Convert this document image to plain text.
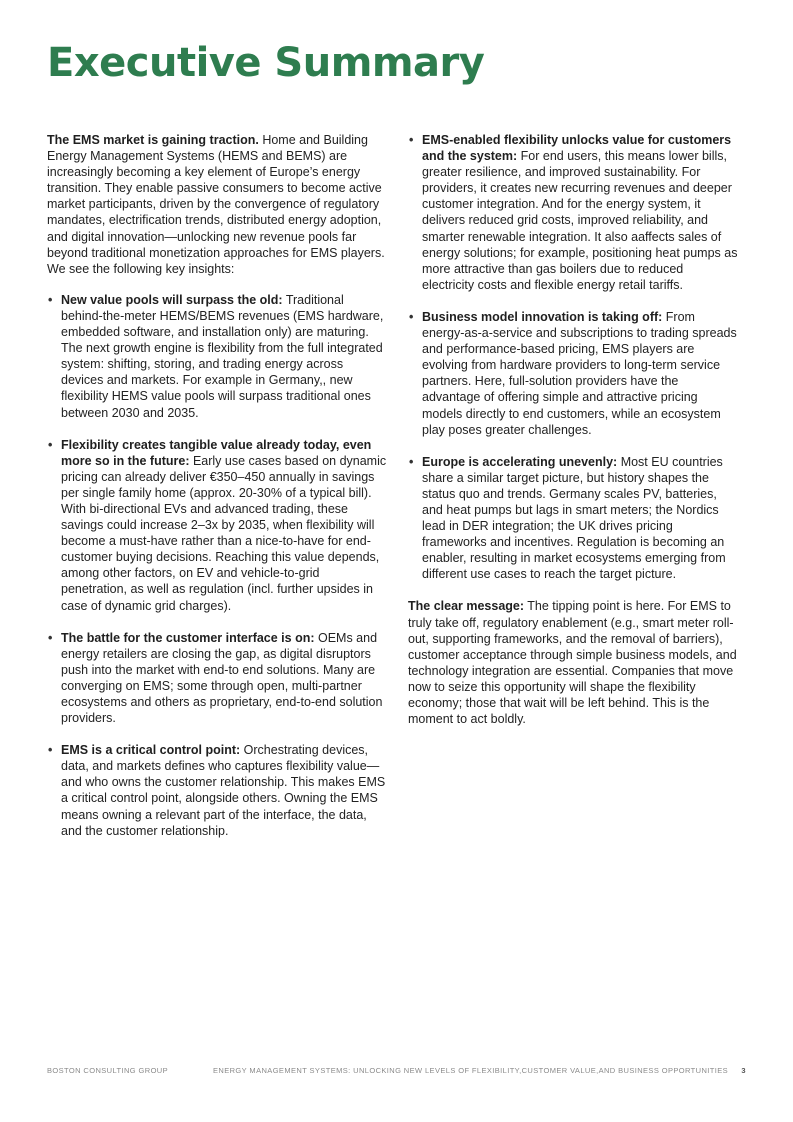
Executive Summary

The EMS market is gaining traction. Home and Building Energy Management Systems (HEMS and BEMS) are increasingly becoming a key element of Europe’s energy transition. They enable passive consumers to become active market participants, driven by the convergence of regulatory mandates, electrification trends, distributed energy adoption, and digital innovation—unlocking new revenue pools far beyond traditional monetization approaches for EMS players. We see the following key insights:

• New value pools will surpass the old: Traditional behind-the-meter HEMS/BEMS revenues (EMS hardware, embedded software, and installation only) are maturing. The next growth engine is flexibility from the full integrated system: shifting, storing, and trading energy across devices and markets. For example in Germany,, new flexibility HEMS value pools will surpass traditional ones between 2030 and 2035.
• Flexibility creates tangible value already today, even more so in the future: Early use cases based on dynamic pricing can already deliver €350–450 annually in savings per single family home (approx. 20-30% of a typical bill). With bi-directional EVs and advanced trading, these savings could increase 2–3x by 2035, when flexibility will become a must-have rather than a nice-to-have for end-customer buying decisions. Reaching this value depends, among other factors, on EV and vehicle-to-grid penetration, as well as regulation (incl. further upsides in case of dynamic grid charges).
• The battle for the customer interface is on: OEMs and energy retailers are closing the gap, as digital disruptors push into the market with end-to end solutions. Many are converging on EMS; some through open, multi-partner ecosystems and others as proprietary, end-to-end solution providers.
• EMS is a critical control point: Orchestrating devices, data, and markets defines who captures flexibility value—and who owns the customer relationship. This makes EMS a critical control point, alongside others. Owning the EMS means owning a relevant part of the interface, the data, and the customer relationship.
• EMS-enabled flexibility unlocks value for customers and the system: For end users, this means lower bills, greater resilience, and improved sustainability. For providers, it creates new recurring revenues and deeper customer integration. And for the energy system, it delivers reduced grid costs, improved reliability, and smarter renewable integration. It also aaffects sales of energy solutions; for example, positioning heat pumps as more attractive than gas boilers due to reduced electricity costs and flexible energy retail tariffs.
• Business model innovation is taking off: From energy-as-a-service and subscriptions to trading spreads and performance-based pricing, EMS players are evolving from hardware providers to long-term service partners. Here, full-solution providers have the advantage of offering simple and attractive pricing models directly to end customers, while an ecosystem play poses greater challenges.
• Europe is accelerating unevenly: Most EU countries share a similar target picture, but history shapes the status quo and trends. Germany scales PV, batteries, and heat pumps but lags in smart meters; the Nordics lead in DER integration; the UK drives pricing frameworks and incentives. Regulation is becoming an enabler, resulting in market ecosystems emerging from different use cases to reach the target picture.

The clear message: The tipping point is here. For EMS to truly take off, regulatory enablement (e.g., smart meter roll-out, supporting frameworks, and the removal of barriers), customer acceptance through simple business models, and technology integration are essential. Companies that move now to seize this opportunity will shape the flexibility economy; those that wait will be left behind. This is the moment to act boldly.

BOSTON CONSULTING GROUP	ENERGY MANAGEMENT SYSTEMS: UNLOCKING NEW LEVELS OF FLEXIBILITY,CUSTOMER VALUE,AND BUSINESS OPPORTUNITIES 3
